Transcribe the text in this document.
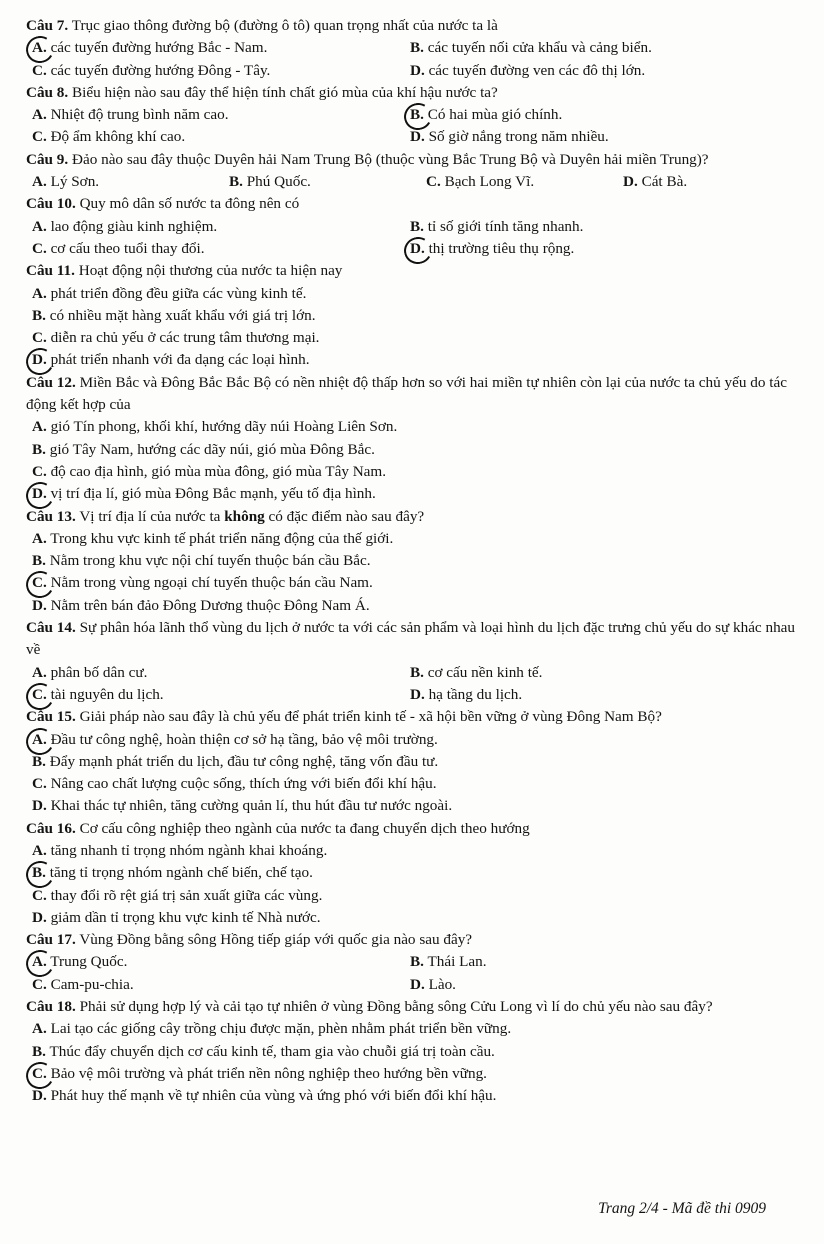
Câu 7. Trục giao thông đường bộ (đường ô tô) quan trọng nhất của nước ta là
A. các tuyến đường hướng Bắc - Nam.	B. các tuyến nối cửa khẩu và cảng biển.
C. các tuyến đường hướng Đông - Tây.	D. các tuyến đường ven các đô thị lớn.
Câu 8. Biểu hiện nào sau đây thể hiện tính chất gió mùa của khí hậu nước ta?
A. Nhiệt độ trung bình năm cao.	B. Có hai mùa gió chính.
C. Độ ẩm không khí cao.	D. Số giờ nắng trong năm nhiều.
Câu 9. Đảo nào sau đây thuộc Duyên hải Nam Trung Bộ (thuộc vùng Bắc Trung Bộ và Duyên hải miền Trung)?
A. Lý Sơn.	B. Phú Quốc.	C. Bạch Long Vĩ.	D. Cát Bà.
Câu 10. Quy mô dân số nước ta đông nên có
A. lao động giàu kinh nghiệm.	B. tỉ số giới tính tăng nhanh.
C. cơ cấu theo tuổi thay đổi.	D. thị trường tiêu thụ rộng.
Câu 11. Hoạt động nội thương của nước ta hiện nay
A. phát triển đồng đều giữa các vùng kinh tế.
B. có nhiều mặt hàng xuất khẩu với giá trị lớn.
C. diễn ra chủ yếu ở các trung tâm thương mại.
D. phát triển nhanh với đa dạng các loại hình.
Câu 12. Miền Bắc và Đông Bắc Bắc Bộ có nền nhiệt độ thấp hơn so với hai miền tự nhiên còn lại của nước ta chủ yếu do tác động kết hợp của
A. gió Tín phong, khối khí, hướng dãy núi Hoàng Liên Sơn.
B. gió Tây Nam, hướng các dãy núi, gió mùa Đông Bắc.
C. độ cao địa hình, gió mùa mùa đông, gió mùa Tây Nam.
D. vị trí địa lí, gió mùa Đông Bắc mạnh, yếu tố địa hình.
Câu 13. Vị trí địa lí của nước ta không có đặc điểm nào sau đây?
A. Trong khu vực kinh tế phát triển năng động của thế giới.
B. Nằm trong khu vực nội chí tuyến thuộc bán cầu Bắc.
C. Nằm trong vùng ngoại chí tuyến thuộc bán cầu Nam.
D. Nằm trên bán đảo Đông Dương thuộc Đông Nam Á.
Câu 14. Sự phân hóa lãnh thổ vùng du lịch ở nước ta với các sản phẩm và loại hình du lịch đặc trưng chủ yếu do sự khác nhau về
A. phân bố dân cư.	B. cơ cấu nền kinh tế.
C. tài nguyên du lịch.	D. hạ tầng du lịch.
Câu 15. Giải pháp nào sau đây là chủ yếu để phát triển kinh tế - xã hội bền vững ở vùng Đông Nam Bộ?
A. Đầu tư công nghệ, hoàn thiện cơ sở hạ tầng, bảo vệ môi trường.
B. Đẩy mạnh phát triển du lịch, đầu tư công nghệ, tăng vốn đầu tư.
C. Nâng cao chất lượng cuộc sống, thích ứng với biến đổi khí hậu.
D. Khai thác tự nhiên, tăng cường quản lí, thu hút đầu tư nước ngoài.
Câu 16. Cơ cấu công nghiệp theo ngành của nước ta đang chuyển dịch theo hướng
A. tăng nhanh tỉ trọng nhóm ngành khai khoáng.
B. tăng tỉ trọng nhóm ngành chế biến, chế tạo.
C. thay đổi rõ rệt giá trị sản xuất giữa các vùng.
D. giảm dần tỉ trọng khu vực kinh tế Nhà nước.
Câu 17. Vùng Đồng bằng sông Hồng tiếp giáp với quốc gia nào sau đây?
A. Trung Quốc.	B. Thái Lan.
C. Cam-pu-chia.	D. Lào.
Câu 18. Phải sử dụng hợp lý và cải tạo tự nhiên ở vùng Đồng bằng sông Cửu Long vì lí do chủ yếu nào sau đây?
A. Lai tạo các giống cây trồng chịu được mặn, phèn nhằm phát triển bền vững.
B. Thúc đẩy chuyển dịch cơ cấu kinh tế, tham gia vào chuỗi giá trị toàn cầu.
C. Bảo vệ môi trường và phát triển nền nông nghiệp theo hướng bền vững.
D. Phát huy thế mạnh về tự nhiên của vùng và ứng phó với biến đổi khí hậu.
Trang 2/4 - Mã đề thi 0909
